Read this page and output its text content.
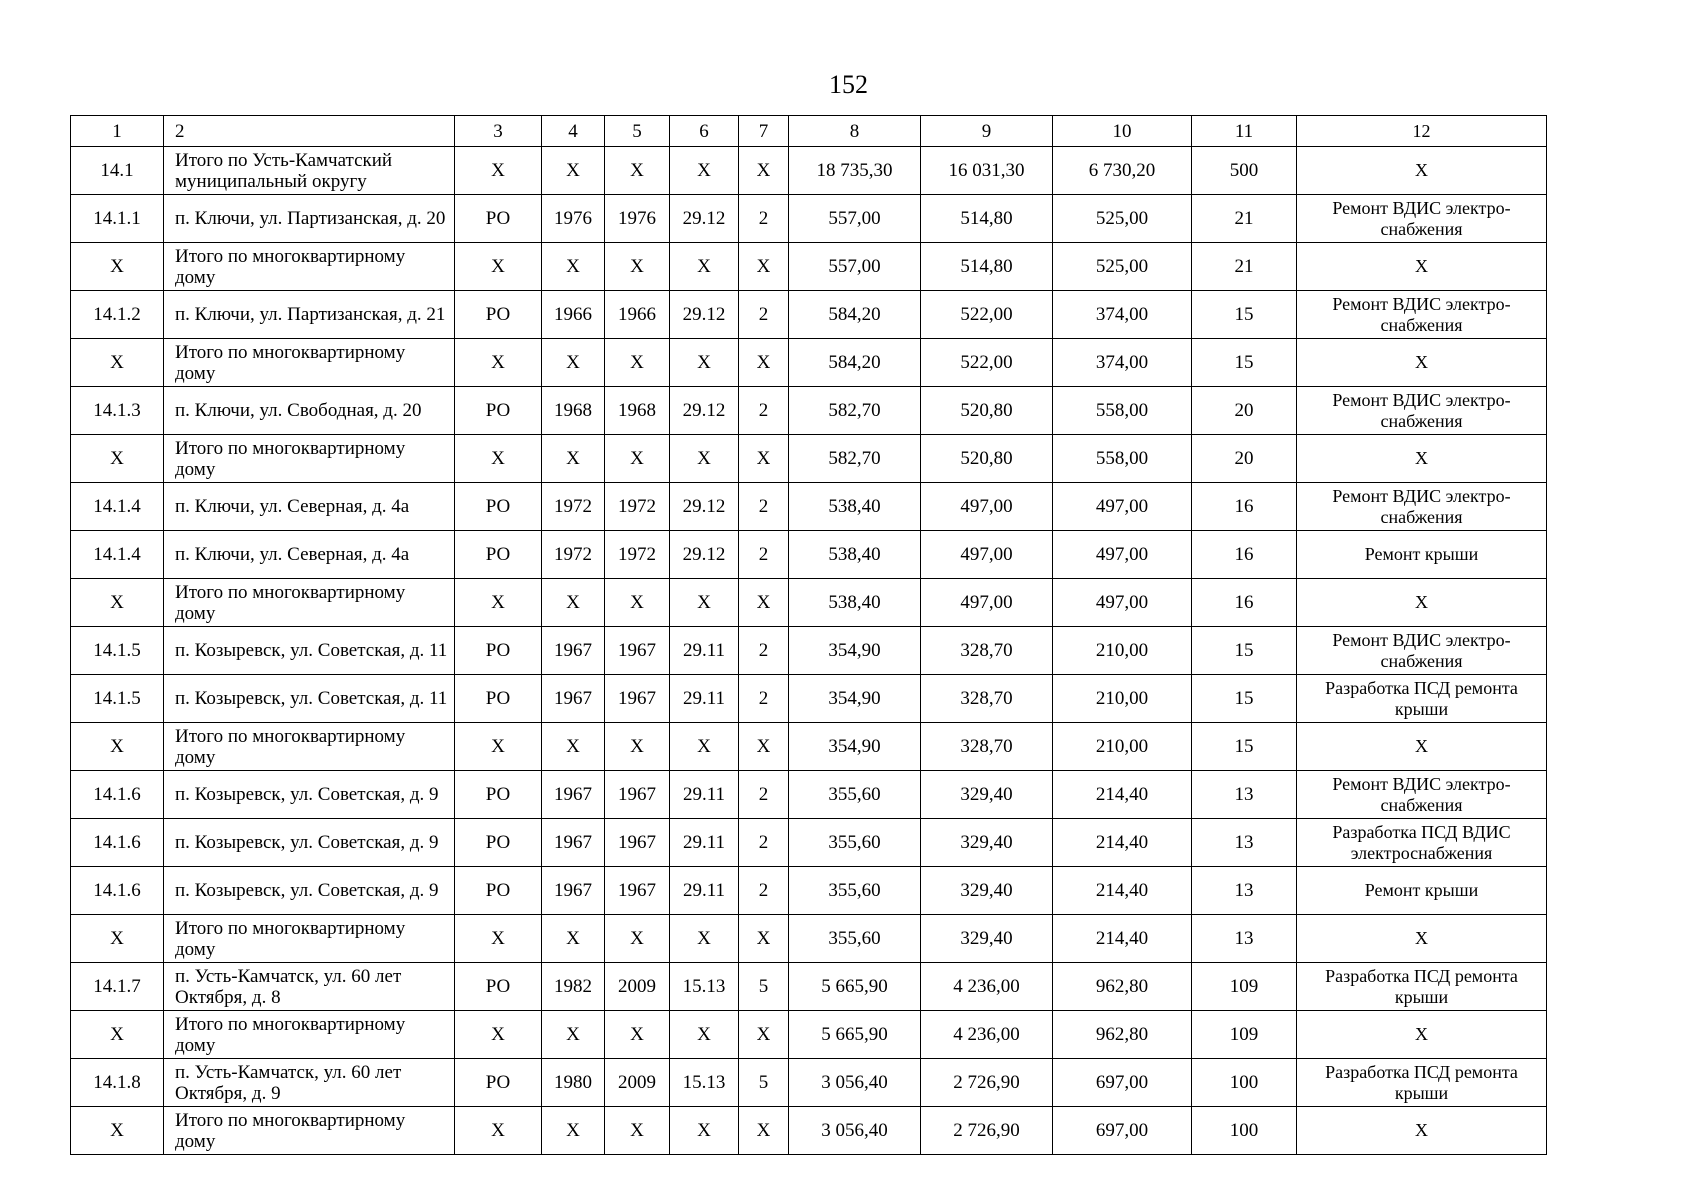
152
1	2	3	4	5	6	7	8	9	10	11	12
14.1	Итого по Усть-Камчатский муниципальный округу	X	X	X	X	X	18 735,30	16 031,30	6 730,20	500	X
14.1.1	п. Ключи, ул. Партизанская, д. 20	РО	1976	1976	29.12	2	557,00	514,80	525,00	21	Ремонт ВДИС электро-снабжения
X	Итого по многоквартирному дому	X	X	X	X	X	557,00	514,80	525,00	21	X
14.1.2	п. Ключи, ул. Партизанская, д. 21	РО	1966	1966	29.12	2	584,20	522,00	374,00	15	Ремонт ВДИС электро-снабжения
X	Итого по многоквартирному дому	X	X	X	X	X	584,20	522,00	374,00	15	X
14.1.3	п. Ключи, ул. Свободная, д. 20	РО	1968	1968	29.12	2	582,70	520,80	558,00	20	Ремонт ВДИС электро-снабжения
X	Итого по многоквартирному дому	X	X	X	X	X	582,70	520,80	558,00	20	X
14.1.4	п. Ключи, ул. Северная, д. 4а	РО	1972	1972	29.12	2	538,40	497,00	497,00	16	Ремонт ВДИС электро-снабжения
14.1.4	п. Ключи, ул. Северная, д. 4а	РО	1972	1972	29.12	2	538,40	497,00	497,00	16	Ремонт крыши
X	Итого по многоквартирному дому	X	X	X	X	X	538,40	497,00	497,00	16	X
14.1.5	п. Козыревск, ул. Советская, д. 11	РО	1967	1967	29.11	2	354,90	328,70	210,00	15	Ремонт ВДИС электро-снабжения
14.1.5	п. Козыревск, ул. Советская, д. 11	РО	1967	1967	29.11	2	354,90	328,70	210,00	15	Разработка ПСД ремонта крыши
X	Итого по многоквартирному дому	X	X	X	X	X	354,90	328,70	210,00	15	X
14.1.6	п. Козыревск, ул. Советская, д. 9	РО	1967	1967	29.11	2	355,60	329,40	214,40	13	Ремонт ВДИС электро-снабжения
14.1.6	п. Козыревск, ул. Советская, д. 9	РО	1967	1967	29.11	2	355,60	329,40	214,40	13	Разработка ПСД ВДИС электроснабжения
14.1.6	п. Козыревск, ул. Советская, д. 9	РО	1967	1967	29.11	2	355,60	329,40	214,40	13	Ремонт крыши
X	Итого по многоквартирному дому	X	X	X	X	X	355,60	329,40	214,40	13	X
14.1.7	п. Усть-Камчатск, ул. 60 лет Октября, д. 8	РО	1982	2009	15.13	5	5 665,90	4 236,00	962,80	109	Разработка ПСД ремонта крыши
X	Итого по многоквартирному дому	X	X	X	X	X	5 665,90	4 236,00	962,80	109	X
14.1.8	п. Усть-Камчатск, ул. 60 лет Октября, д. 9	РО	1980	2009	15.13	5	3 056,40	2 726,90	697,00	100	Разработка ПСД ремонта крыши
X	Итого по многоквартирному дому	X	X	X	X	X	3 056,40	2 726,90	697,00	100	X
